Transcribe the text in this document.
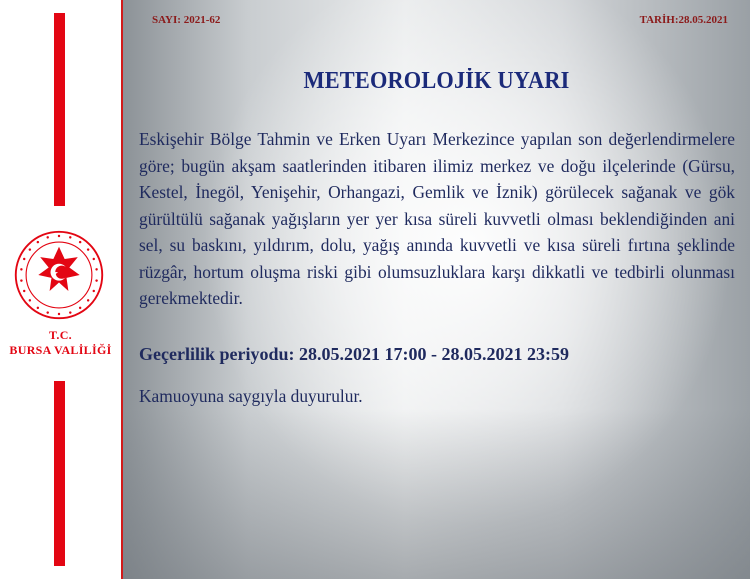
T.C.
BURSA VALİLİĞİ
SAYI: 2021-62	TARİH:28.05.2021
METEOROLOJİK UYARI
Eskişehir Bölge Tahmin ve Erken Uyarı Merkezince yapılan son değerlendirmelere göre; bugün akşam saatlerinden itibaren ilimiz merkez ve doğu ilçelerinde (Gürsu, Kestel, İnegöl, Yenişehir, Orhangazi, Gemlik ve İznik) görülecek sağanak ve gök gürültülü sağanak yağışların yer yer kısa süreli kuvvetli olması beklendiğinden ani sel, su baskını, yıldırım, dolu, yağış anında kuvvetli ve kısa süreli fırtına şeklinde rüzgâr, hortum oluşma riski gibi olumsuzluklara karşı dikkatli ve tedbirli olunması gerekmektedir.
Geçerlilik periyodu: 28.05.2021 17:00 - 28.05.2021 23:59
Kamuoyuna saygıyla duyurulur.
